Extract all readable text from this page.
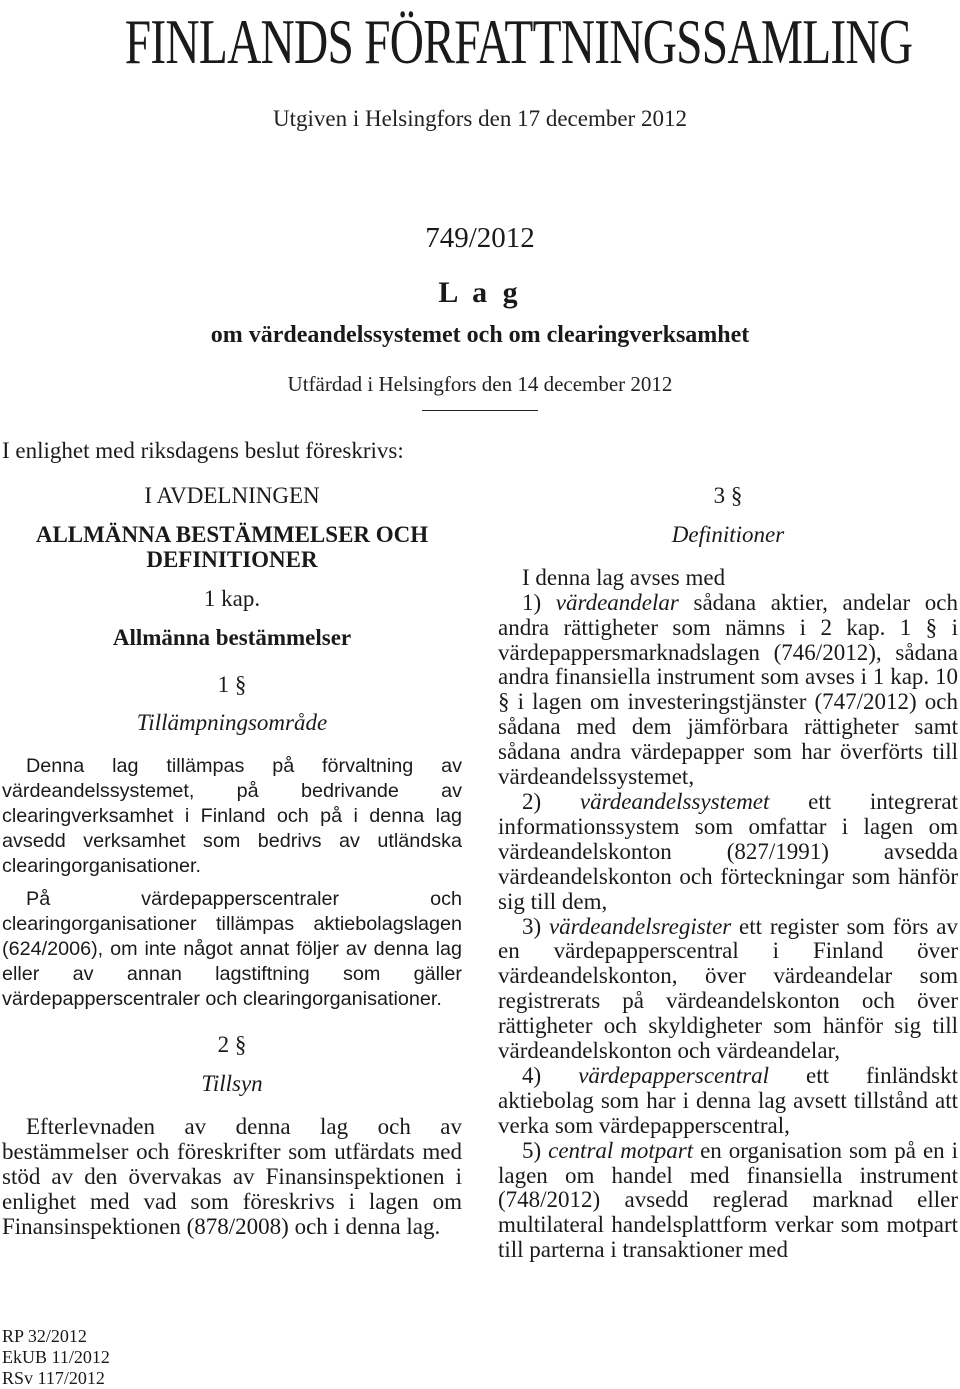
FINLANDS FÖRFATTNINGSSAMLING
Utgiven i Helsingfors den 17 december 2012
749/2012
L a g
om värdeandelssystemet och om clearingverksamhet
Utfärdad i Helsingfors den 14 december 2012
I enlighet med riksdagens beslut föreskrivs:
I AVDELNINGEN
ALLMÄNNA BESTÄMMELSER OCH
DEFINITIONER
1 kap.
Allmänna bestämmelser
1 §
Tillämpningsområde

Denna lag tillämpas på förvaltning av värdeandelssystemet, på bedrivande av clearingverksamhet i Finland och på i denna lag avsedd verksamhet som bedrivs av utländska clearingorganisationer.

På värdepapperscentraler och clearingorganisationer tillämpas aktiebolagslagen (624/2006), om inte något annat följer av denna lag eller av annan lagstiftning som gäller värdepapperscentraler och clearingorganisationer.

2 §
Tillsyn

Efterlevnaden av denna lag och av bestämmelser och föreskrifter som utfärdats med stöd av den övervakas av Finansinspektionen i enlighet med vad som föreskrivs i lagen om Finansinspektionen (878/2008) och i denna lag.

3 §
Definitioner

I denna lag avses med

1) värdeandelar sådana aktier, andelar och andra rättigheter som nämns i 2 kap. 1 § i värdepappersmarknadslagen (746/2012), sådana andra finansiella instrument som avses i 1 kap. 10 § i lagen om investeringstjänster (747/2012) och sådana med dem jämförbara rättigheter samt sådana andra värdepapper som har överförts till värdeandelssystemet,

2) värdeandelssystemet ett integrerat informationssystem som omfattar i lagen om värdeandelskonton (827/1991) avsedda värdeandelskonton och förteckningar som hänför sig till dem,

3) värdeandelsregister ett register som förs av en värdepapperscentral i Finland över värdeandelskonton, över värdeandelar som registrerats på värdeandelskonton och över rättigheter och skyldigheter som hänför sig till värdeandelskonton och värdeandelar,

4) värdepapperscentral ett finländskt aktiebolag som har i denna lag avsett tillstånd att verka som värdepapperscentral,

5) central motpart en organisation som på en i lagen om handel med finansiella instrument (748/2012) avsedd reglerad marknad eller multilateral handelsplattform verkar som motpart till parterna i transaktioner med

RP 32/2012
EkUB 11/2012
RSv 117/2012
